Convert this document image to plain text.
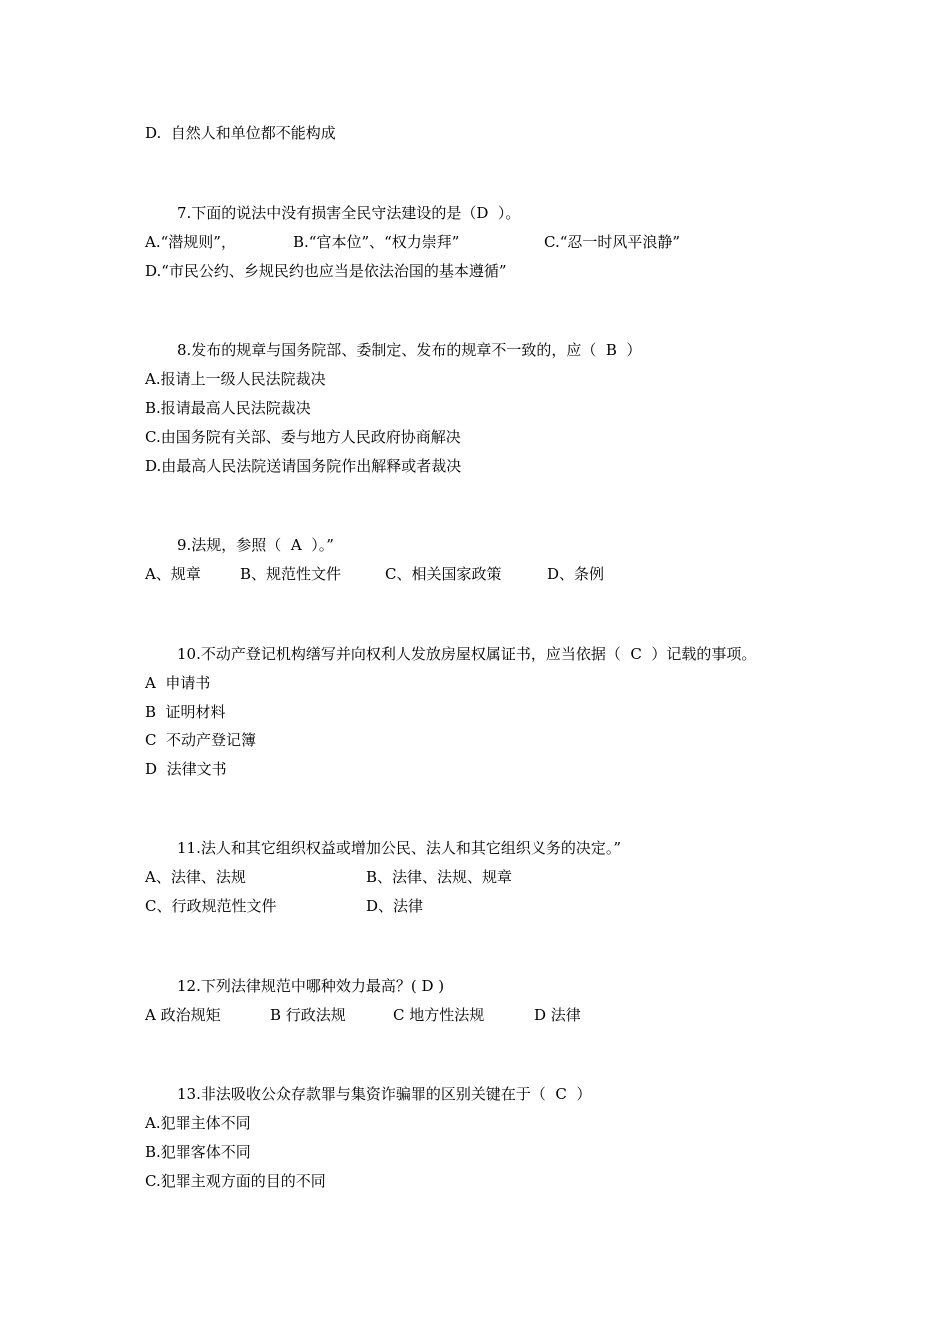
D.  自然人和单位都不能构成
7.下面的说法中没有损害全民守法建设的是（D  ）。
A.“潜规则”，	B.“官本位”、“权力崇拜”	C.“忍一时风平浪静”
D.“市民公约、乡规民约也应当是依法治国的基本遵循”
8.发布的规章与国务院部、委制定、发布的规章不一致的，应（  B  ）
A.报请上一级人民法院裁决
B.报请最高人民法院裁决
C.由国务院有关部、委与地方人民政府协商解决
D.由最高人民法院送请国务院作出解释或者裁决
9.法规，参照（  A  ）。”
A、规章	B、规范性文件	C、相关国家政策	D、条例
10.不动产登记机构缮写并向权利人发放房屋权属证书，应当依据（  C  ）记载的事项。
A  申请书
B  证明材料
C  不动产登记簿
D  法律文书
11.法人和其它组织权益或增加公民、法人和其它组织义务的决定。”
A、法律、法规	B、法律、法规、规章
C、行政规范性文件	D、法律
12.下列法律规范中哪种效力最高？( D )
A 政治规矩	B 行政法规	C 地方性法规	D 法律
13.非法吸收公众存款罪与集资诈骗罪的区别关键在于（  C  ）
A.犯罪主体不同
B.犯罪客体不同
C.犯罪主观方面的目的不同
